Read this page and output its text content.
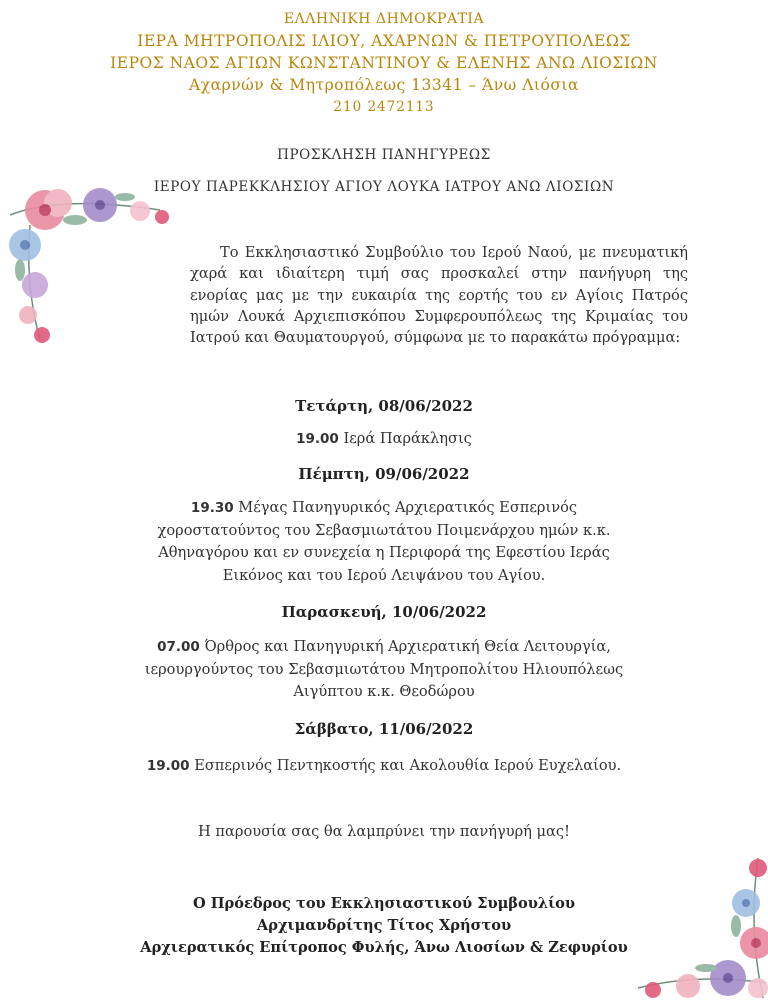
ΕΛΛΗΝΙΚΗ ΔΗΜΟΚΡΑΤΙΑ
ΙΕΡΑ ΜΗΤΡΟΠΟΛΙΣ ΙΛΙΟΥ, ΑΧΑΡΝΩΝ & ΠΕΤΡΟΥΠΟΛΕΩΣ
ΙΕΡΟΣ ΝΑΟΣ ΑΓΙΩΝ ΚΩΝΣΤΑΝΤΙΝΟΥ & ΕΛΕΝΗΣ ΑΝΩ ΛΙΟΣΙΩΝ
Αχαρνών & Μητροπόλεως 13341 – Άνω Λιόσια
210 2472113
ΠΡΟΣΚΛΗΣΗ ΠΑΝΗΓΥΡΕΩΣ
ΙΕΡΟΥ ΠΑΡΕΚΚΛΗΣΙΟΥ ΑΓΙΟΥ ΛΟΥΚΑ ΙΑΤΡΟΥ ΑΝΩ ΛΙΟΣΙΩΝ
Το Εκκλησιαστικό Συμβούλιο του Ιερού Ναού, με πνευματική χαρά και ιδιαίτερη τιμή σας προσκαλεί στην πανήγυρη της ενορίας μας με την ευκαιρία της εορτής του εν Αγίοις Πατρός ημών Λουκά Αρχιεπισκόπου Συμφερουπόλεως της Κριμαίας του Ιατρού και Θαυματουργού, σύμφωνα με το παρακάτω πρόγραμμα:
Τετάρτη, 08/06/2022
19.00 Ιερά Παράκλησις
Πέμπτη, 09/06/2022
19.30 Μέγας Πανηγυρικός Αρχιερατικός Εσπερινός
χοροστατούντος του Σεβασμιωτάτου Ποιμενάρχου ημών κ.κ.
Αθηναγόρου και εν συνεχεία η Περιφορά της Εφεστίου Ιεράς
Εικόνος και του Ιερού Λειψάνου του Αγίου.
Παρασκευή, 10/06/2022
07.00 Όρθρος και Πανηγυρική Αρχιερατική Θεία Λειτουργία,
ιερουργούντος του Σεβασμιωτάτου Μητροπολίτου Ηλιουπόλεως
Αιγύπτου κ.κ. Θεοδώρου
Σάββατο, 11/06/2022
19.00 Εσπερινός Πεντηκοστής και Ακολουθία Ιερού Ευχελαίου.
Η παρουσία σας θα λαμπρύνει την πανήγυρή μας!
Ο Πρόεδρος του Εκκλησιαστικού Συμβουλίου
Αρχιμανδρίτης Τίτος Χρήστου
Αρχιερατικός Επίτροπος Φυλής, Άνω Λιοσίων & Ζεφυρίου
